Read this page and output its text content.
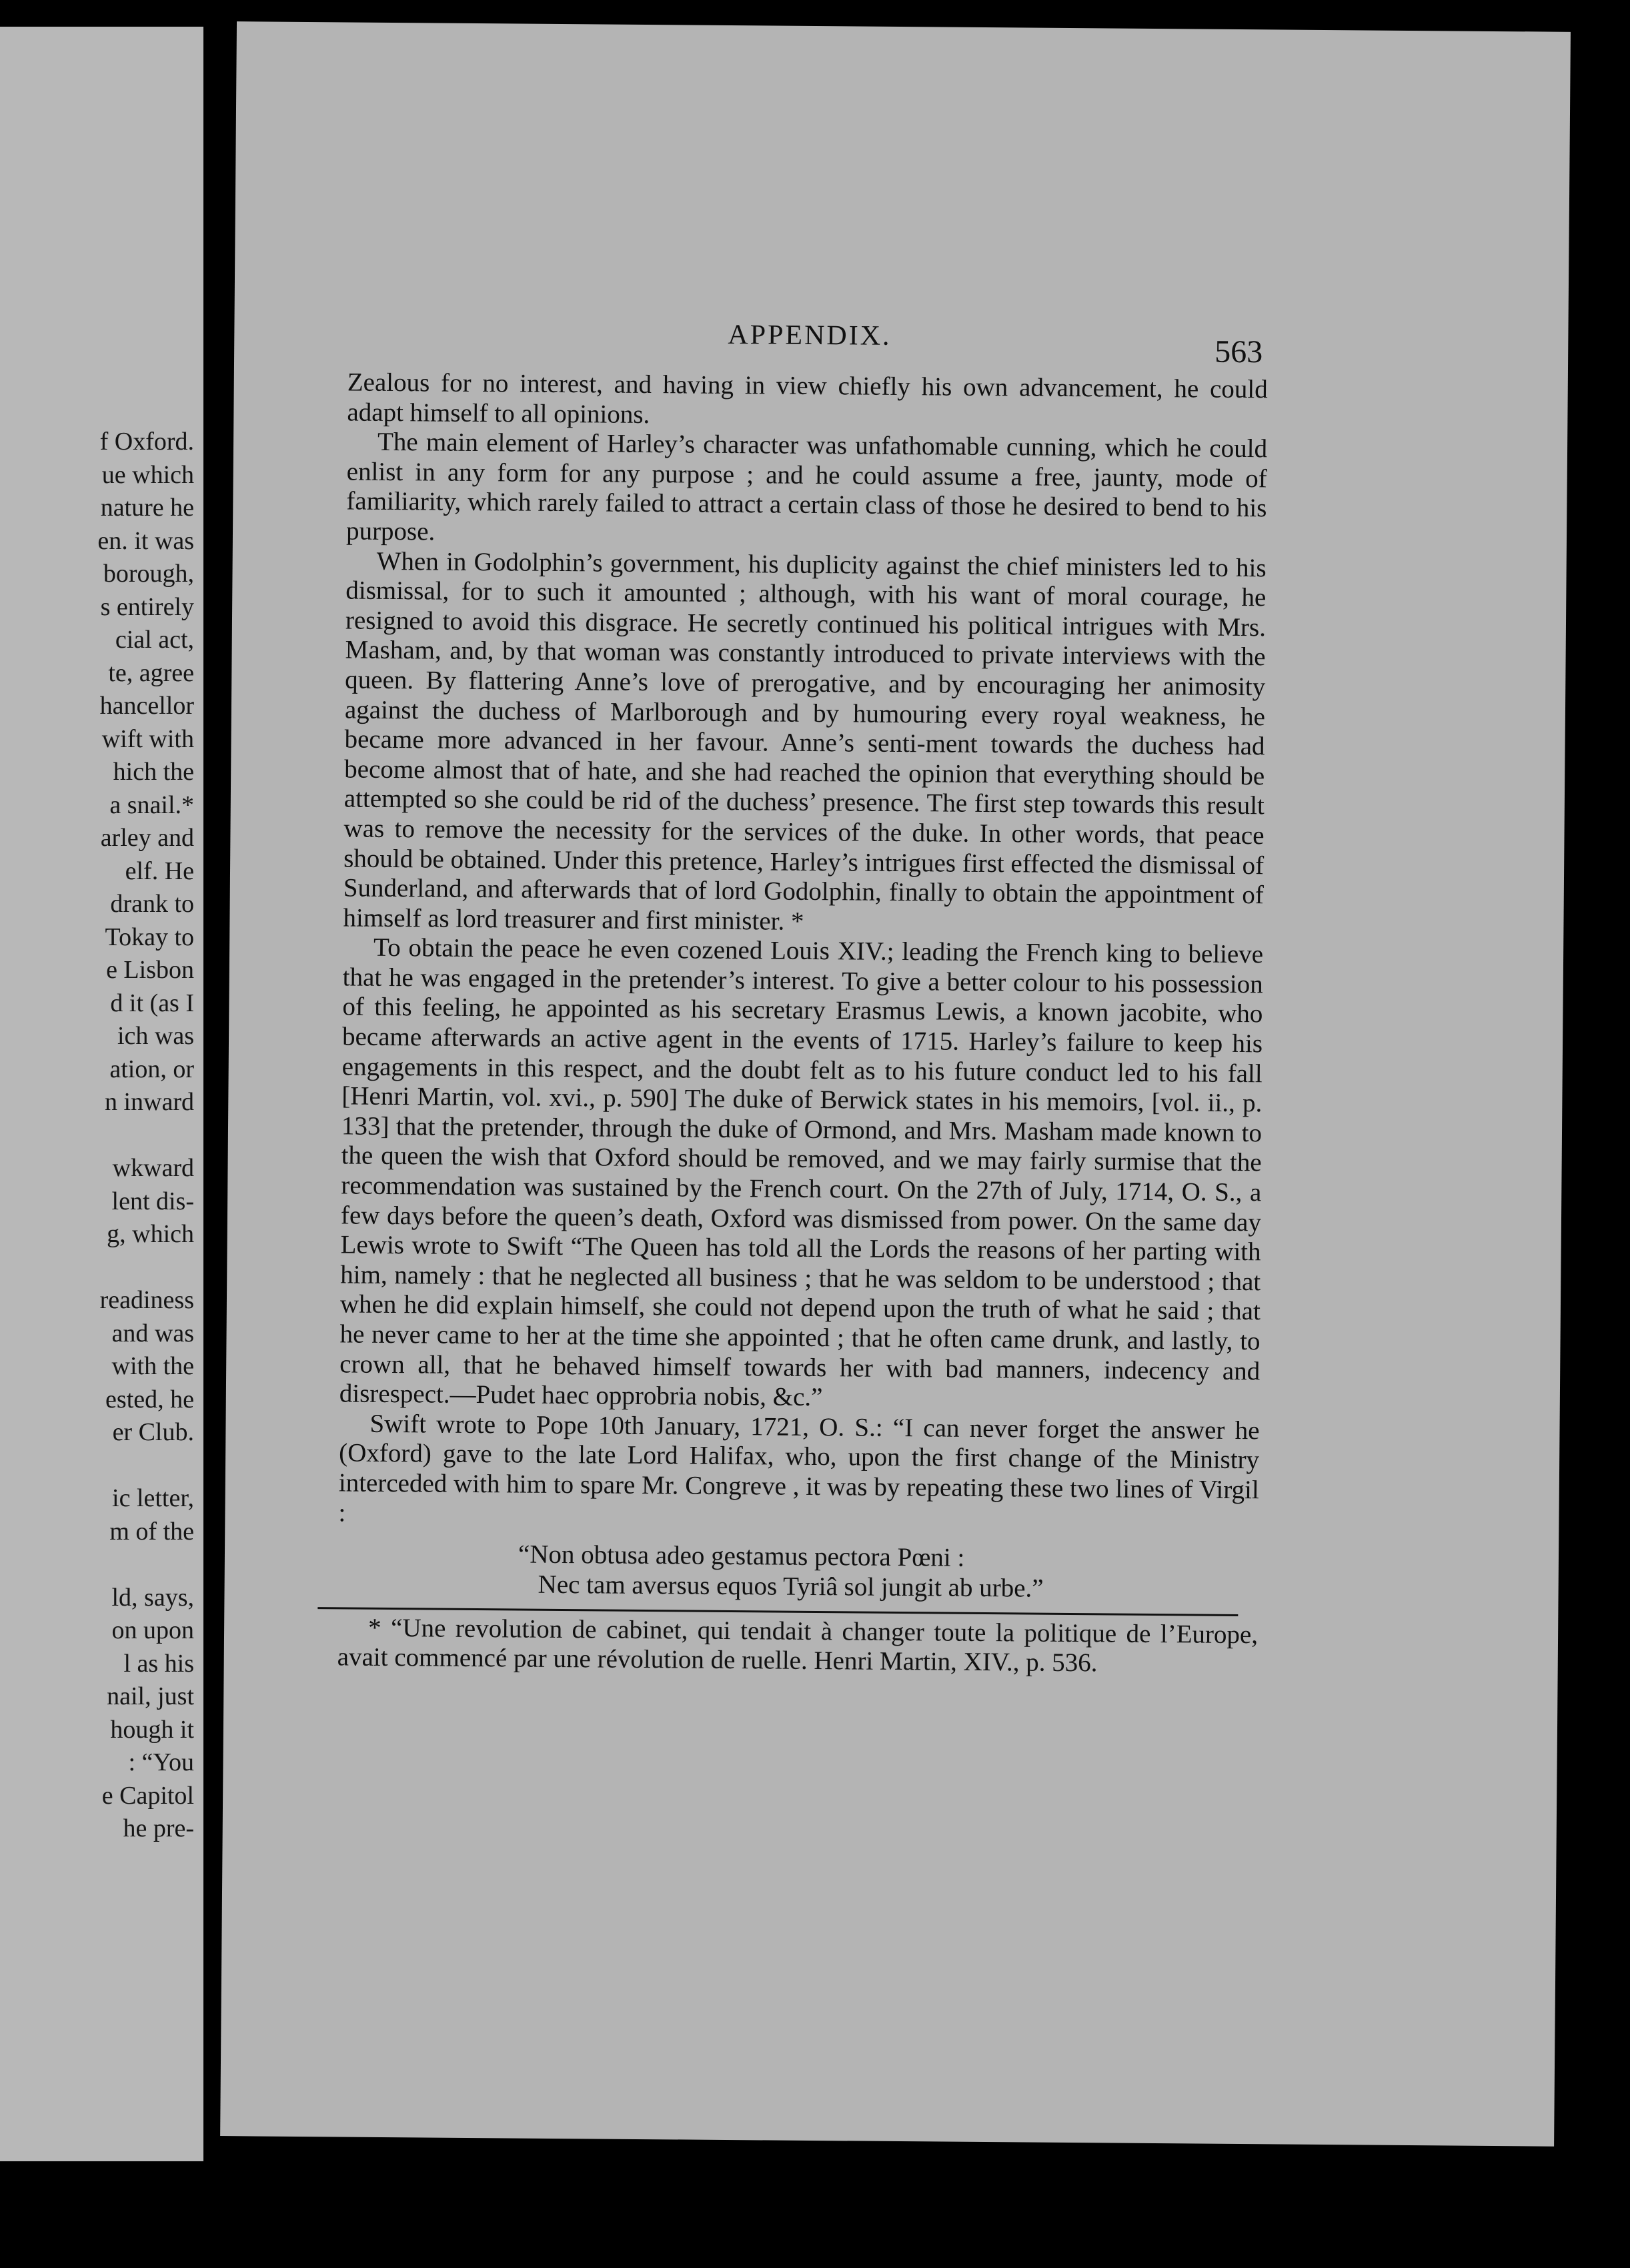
f Oxford.
ue which
nature he
en. it was
borough,
s entirely
cial act,
te, agree
hancellor
wift with
hich the
a snail.*
arley and
elf. He
drank to
Tokay to
e Lisbon
d it (as I
ich was
ation, or
n inward
wkward
lent dis-
g, which
readiness
and was
with the
ested, he
er Club.
ic letter,
m of the
ld, says,
on upon
l as his
nail, just
hough it
: “You
e Capitol
he pre-
APPENDIX.	563

Zealous for no interest, and having in view chiefly his own advancement, he could adapt himself to all opinions.

The main element of Harley’s character was unfathomable cunning, which he could enlist in any form for any purpose ; and he could assume a free, jaunty, mode of familiarity, which rarely failed to attract a certain class of those he desired to bend to his purpose.

When in Godolphin’s government, his duplicity against the chief ministers led to his dismissal, for to such it amounted ; although, with his want of moral courage, he resigned to avoid this disgrace. He secretly continued his political intrigues with Mrs. Masham, and, by that woman was constantly introduced to private interviews with the queen. By flattering Anne’s love of prerogative, and by encouraging her animosity against the duchess of Marlborough and by humouring every royal weakness, he became more advanced in her favour. Anne’s senti-ment towards the duchess had become almost that of hate, and she had reached the opinion that everything should be attempted so she could be rid of the duchess’ presence. The first step towards this result was to remove the necessity for the services of the duke. In other words, that peace should be obtained. Under this pretence, Harley’s intrigues first effected the dismissal of Sunderland, and afterwards that of lord Godolphin, finally to obtain the appointment of himself as lord treasurer and first minister. *

To obtain the peace he even cozened Louis XIV.; leading the French king to believe that he was engaged in the pretender’s interest. To give a better colour to his possession of this feeling, he appointed as his secretary Erasmus Lewis, a known jacobite, who became afterwards an active agent in the events of 1715. Harley’s failure to keep his engagements in this respect, and the doubt felt as to his future conduct led to his fall [Henri Martin, vol. xvi., p. 590] The duke of Berwick states in his memoirs, [vol. ii., p. 133] that the pretender, through the duke of Ormond, and Mrs. Masham made known to the queen the wish that Oxford should be removed, and we may fairly surmise that the recommendation was sustained by the French court. On the 27th of July, 1714, O. S., a few days before the queen’s death, Oxford was dismissed from power. On the same day Lewis wrote to Swift “The Queen has told all the Lords the reasons of her parting with him, namely : that he neglected all business ; that he was seldom to be understood ; that when he did explain himself, she could not depend upon the truth of what he said ; that he never came to her at the time she appointed ; that he often came drunk, and lastly, to crown all, that he behaved himself towards her with bad manners, indecency and disrespect.—Pudet haec opprobria nobis, &c.”

Swift wrote to Pope 10th January, 1721, O. S.: “I can never forget the answer he (Oxford) gave to the late Lord Halifax, who, upon the first change of the Ministry interceded with him to spare Mr. Congreve , it was by repeating these two lines of Virgil :

“Non obtusa adeo gestamus pectora Pœni :

Nec tam aversus equos Tyriâ sol jungit ab urbe.”

* “Une revolution de cabinet, qui tendait à changer toute la politique de l’Europe, avait commencé par une révolution de ruelle. Henri Martin, XIV., p. 536.
